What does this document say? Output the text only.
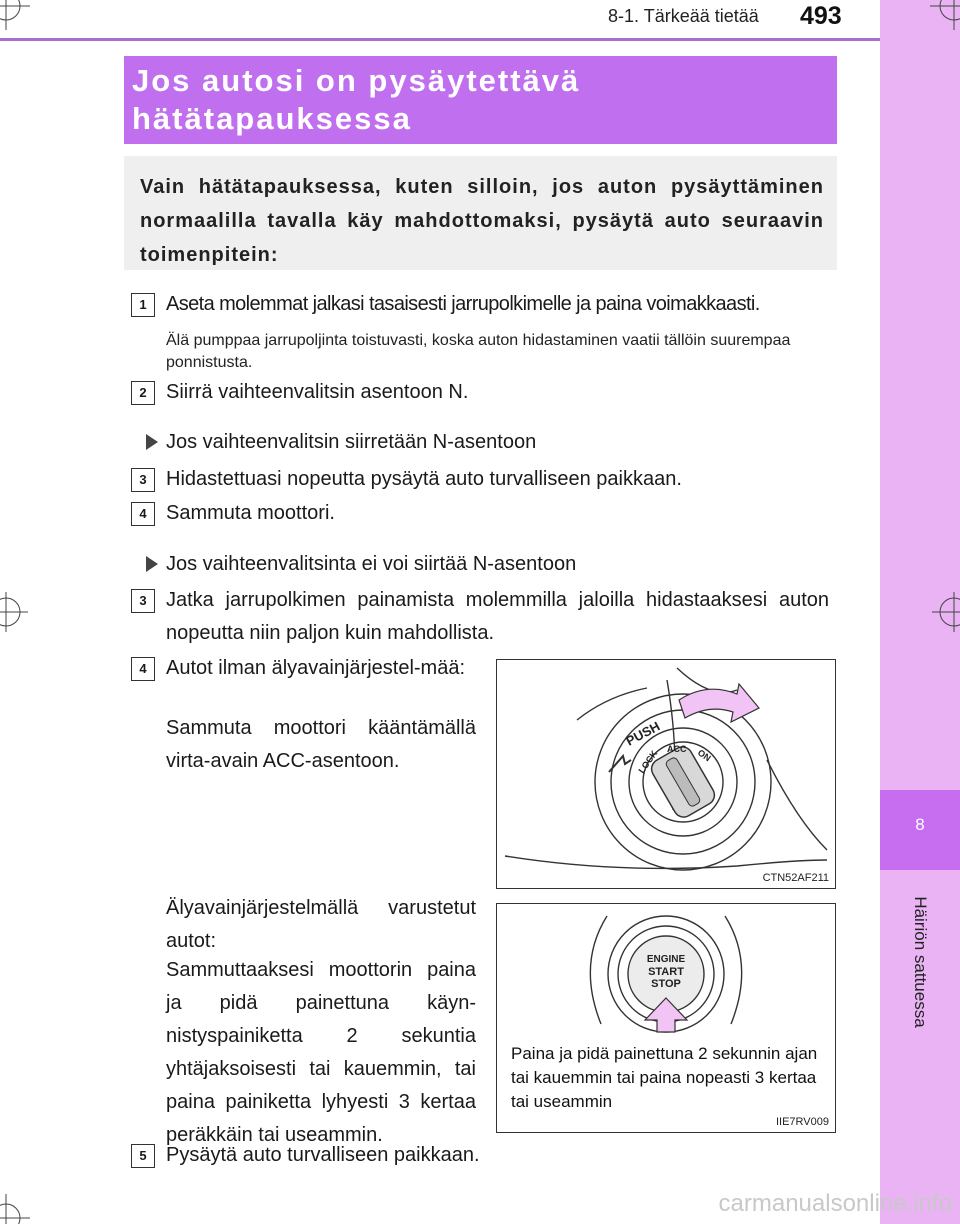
8-1. Tärkeää tietää 493
8
Häiriön sattuessa
Jos autosi on pysäytettävä
hätätapauksessa
Vain hätätapauksessa, kuten silloin, jos auton pysäyttäminen normaalilla tavalla käy mahdottomaksi, pysäytä auto seuraavin toimenpitein:
1 Aseta molemmat jalkasi tasaisesti jarrupolkimelle ja paina voimakkaasti.
Älä pumppaa jarrupoljinta toistuvasti, koska auton hidastaminen vaatii tällöin suurempaa ponnistusta.
2 Siirrä vaihteenvalitsin asentoon N.
Jos vaihteenvalitsin siirretään N-asentoon
3 Hidastettuasi nopeutta pysäytä auto turvalliseen paikkaan.
4 Sammuta moottori.
Jos vaihteenvalitsinta ei voi siirtää N-asentoon
3 Jatka jarrupolkimen painamista molemmilla jaloilla hidastaaksesi auton nopeutta niin paljon kuin mahdollista.
4 Autot ilman älyavainjärjestel-mää:
Sammuta moottori kääntämällä virta-avain ACC-asentoon.
Älyavainjärjestelmällä varustetut autot:
Sammuttaaksesi moottorin paina ja pidä painettuna käyn-nistyspainiketta 2 sekuntia yhtäjaksoisesti tai kauemmin, tai paina painiketta lyhyesti 3 kertaa peräkkäin tai useammin.
5 Pysäytä auto turvalliseen paikkaan.
PUSH
LOCK ACC ON
CTN52AF211
ENGINE
START
STOP
Paina ja pidä painettuna 2 sekunnin ajan tai kauemmin tai paina nopeasti 3 kertaa tai useammin
IIE7RV009
carmanualsonline.info
